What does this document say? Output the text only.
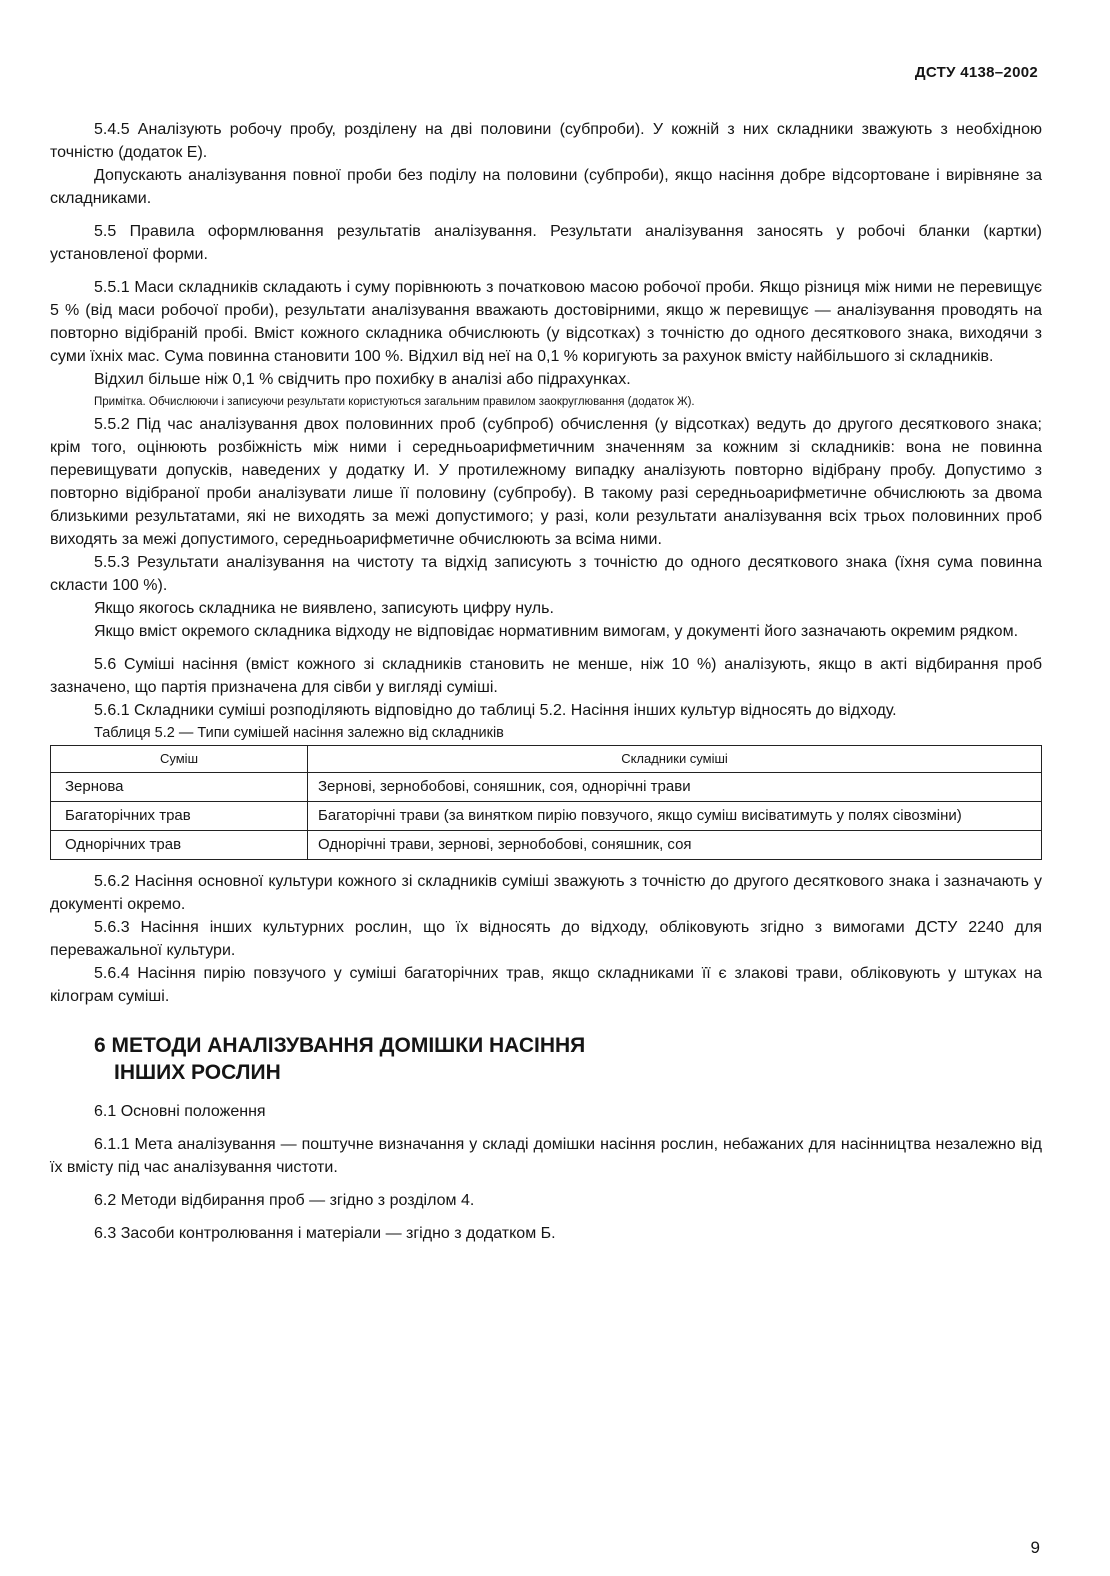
ДСТУ 4138–2002

5.4.5 Аналізують робочу пробу, розділену на дві половини (субпроби). У кожній з них складники зважують з необхідною точністю (додаток Е).

Допускають аналізування повної проби без поділу на половини (субпроби), якщо насіння добре відсортоване і вирівняне за складниками.

5.5 Правила оформлювання результатів аналізування. Результати аналізування заносять у робочі бланки (картки) установленої форми.

5.5.1 Маси складників складають і суму порівнюють з початковою масою робочої проби. Якщо різниця між ними не перевищує 5 % (від маси робочої проби), результати аналізування вважають достовірними, якщо ж перевищує — аналізування проводять на повторно відібраній пробі. Вміст кожного складника обчислюють (у відсотках) з точністю до одного десяткового знака, виходячи з суми їхніх мас. Сума повинна становити 100 %. Відхил від неї на 0,1 % коригують за рахунок вмісту найбільшого зі складників.

Відхил більше ніж 0,1 % свідчить про похибку в аналізі або підрахунках.

Примітка. Обчислюючи і записуючи результати користуються загальним правилом заокруглювання (додаток Ж).

5.5.2 Під час аналізування двох половинних проб (субпроб) обчислення (у відсотках) ведуть до другого десяткового знака; крім того, оцінюють розбіжність між ними і середньоарифметичним значенням за кожним зі складників: вона не повинна перевищувати допусків, наведених у додатку И. У протилежному випадку аналізують повторно відібрану пробу. Допустимо з повторно відібраної проби аналізувати лише її половину (субпробу). В такому разі середньоарифметичне обчислюють за двома близькими результатами, які не виходять за межі допустимого; у разі, коли результати аналізування всіх трьох половинних проб виходять за межі допустимого, середньоарифметичне обчислюють за всіма ними.

5.5.3 Результати аналізування на чистоту та відхід записують з точністю до одного десяткового знака (їхня сума повинна скласти 100 %).

Якщо якогось складника не виявлено, записують цифру нуль.

Якщо вміст окремого складника відходу не відповідає нормативним вимогам, у документі його зазначають окремим рядком.

5.6 Суміші насіння (вміст кожного зі складників становить не менше, ніж 10 %) аналізують, якщо в акті відбирання проб зазначено, що партія призначена для сівби у вигляді суміші.

5.6.1 Складники суміші розподіляють відповідно до таблиці 5.2. Насіння інших культур відносять до відходу.

Таблиця 5.2 — Типи сумішей насіння залежно від складників

Суміш	Складники суміші
Зернова	Зернові, зернобобові, соняшник, соя, однорічні трави
Багаторічних трав	Багаторічні трави (за винятком пирію повзучого, якщо суміш висіватимуть у полях сівозміни)
Однорічних трав	Однорічні трави, зернові, зернобобові, соняшник, соя

5.6.2 Насіння основної культури кожного зі складників суміші зважують з точністю до другого десяткового знака і зазначають у документі окремо.

5.6.3 Насіння інших культурних рослин, що їх відносять до відходу, обліковують згідно з вимогами ДСТУ 2240 для переважальної культури.

5.6.4 Насіння пирію повзучого у суміші багаторічних трав, якщо складниками її є злакові трави, обліковують у штуках на кілограм суміші.

6 МЕТОДИ АНАЛІЗУВАННЯ ДОМІШКИ НАСІННЯ
ІНШИХ РОСЛИН

6.1 Основні положення

6.1.1 Мета аналізування — поштучне визначання у складі домішки насіння рослин, небажаних для насінництва незалежно від їх вмісту під час аналізування чистоти.

6.2 Методи відбирання проб — згідно з розділом 4.

6.3 Засоби контролювання і матеріали — згідно з додатком Б.

9
